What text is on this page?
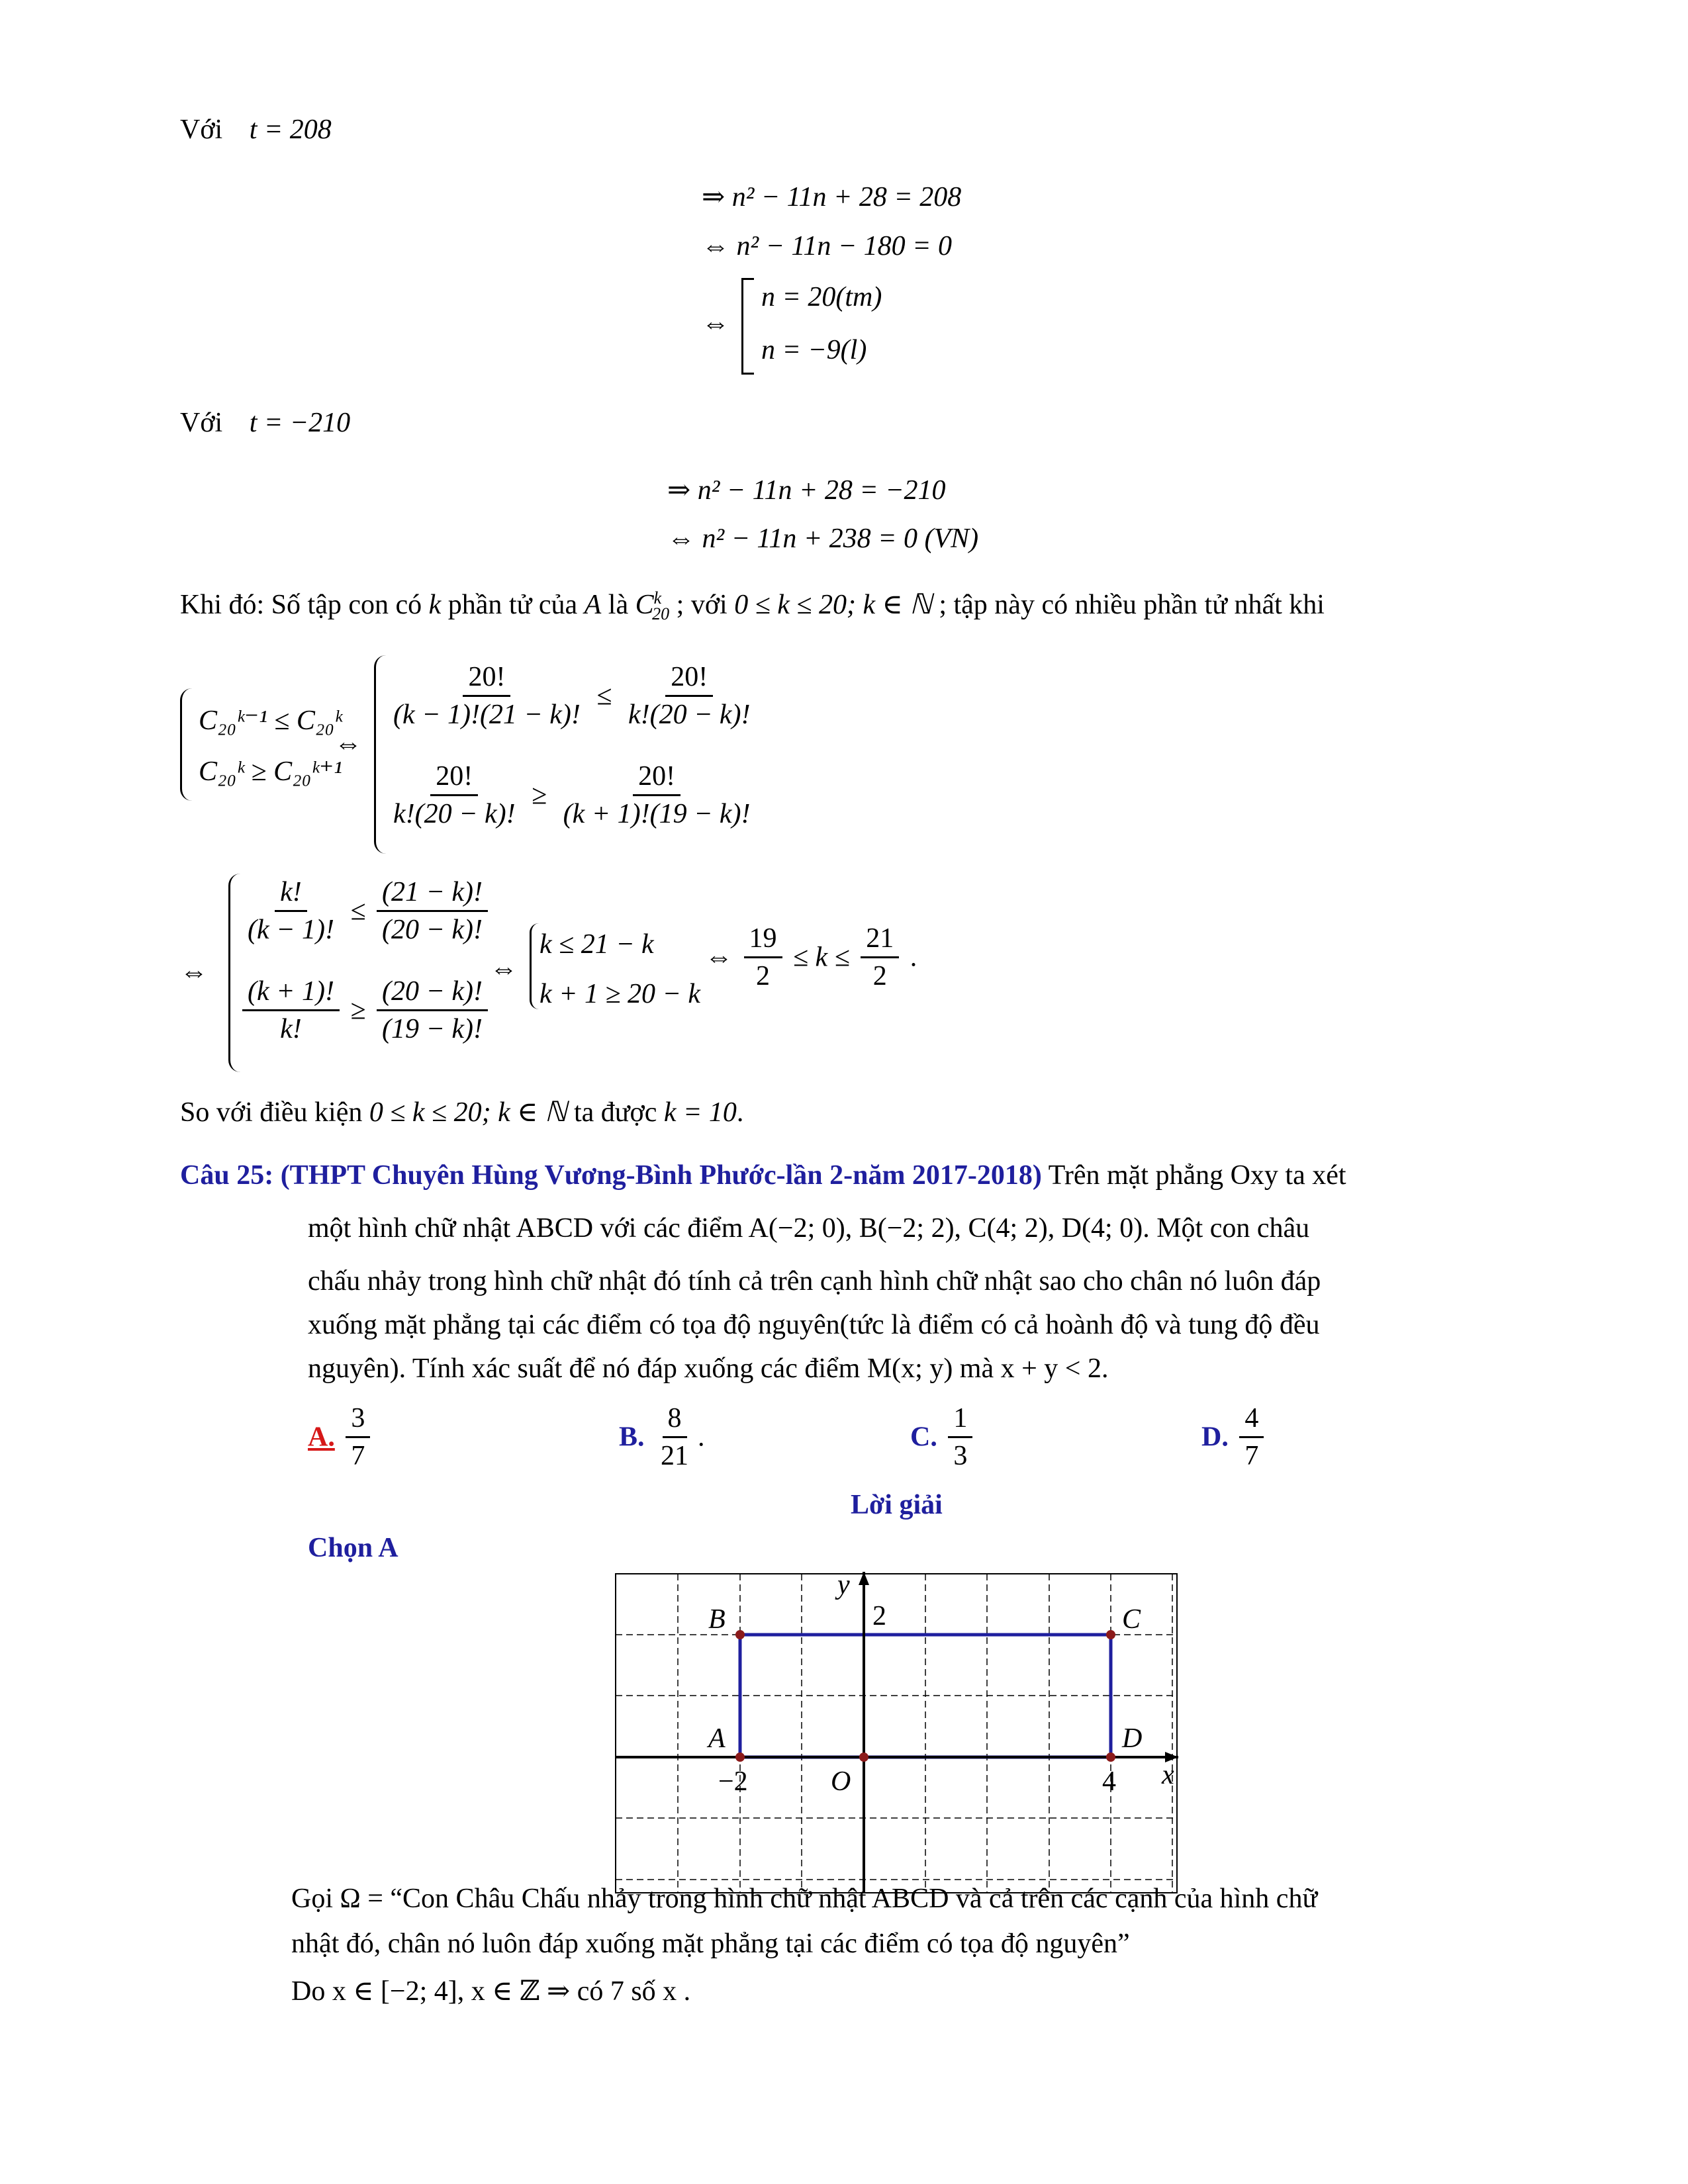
Với t = 208
⇒ n² − 11n + 28 = 208
⇔ n² − 11n − 180 = 0
⇔
n = 20(tm)
n = −9(l)
Với t = −210
⇒ n² − 11n + 28 = −210
⇔ n² − 11n + 238 = 0 (VN)
Khi đó: Số tập con có k phần tử của A là $C^k_{20}$ ; với 0 ≤ k ≤ 20; k ∈ ℕ ; tập này có nhiều phần tử nhất khi
C₂₀ᵏ⁻¹ ≤ C₂₀ᵏ
C₂₀ᵏ ≥ C₂₀ᵏ⁺¹
⇔
$\frac{20!}{(k - 1)!(21 - k)!} \le \frac{20!}{k!(20 - k)!}$
$\frac{20!}{k!(20 - k)!} \ge \frac{20!}{(k + 1)!(19 - k)!}$
⇔
$\frac{k!}{(k - 1)!} \le \frac{(21 - k)!}{(20 - k)!}$
$\frac{(k + 1)!}{k!} \ge \frac{(20 - k)!}{(19 - k)!}$
⇔
k ≤ 21 − k
k + 1 ≥ 20 − k
⇔ $\frac{19}{2} \le k \le \frac{21}{2}$ .
So với điều kiện 0 ≤ k ≤ 20; k ∈ ℕ ta được k = 10.
Câu 25: (THPT Chuyên Hùng Vương-Bình Phước-lần 2-năm 2017-2018) Trên mặt phẳng Oxy ta xét
một hình chữ nhật ABCD với các điểm A(−2; 0), B(−2; 2), C(4; 2), D(4; 0). Một con châu
chấu nhảy trong hình chữ nhật đó tính cả trên cạnh hình chữ nhật sao cho chân nó luôn đáp
xuống mặt phẳng tại các điểm có tọa độ nguyên(tức là điểm có cả hoành độ và tung độ đều
nguyên). Tính xác suất để nó đáp xuống các điểm M(x; y) mà x + y < 2.
A. $\frac{3}{7}$	B. $\frac{8}{21}$ .	C. $\frac{1}{3}$	D. $\frac{4}{7}$
Lời giải
Chọn A
B	C
A	D
O	x
y
2
−2	4
Gọi Ω = “Con Châu Chấu nhảy trong hình chữ nhật ABCD và cả trên các cạnh của hình chữ
nhật đó, chân nó luôn đáp xuống mặt phẳng tại các điểm có tọa độ nguyên”
Do x ∈ [−2; 4], x ∈ ℤ ⇒ có 7 số x .
